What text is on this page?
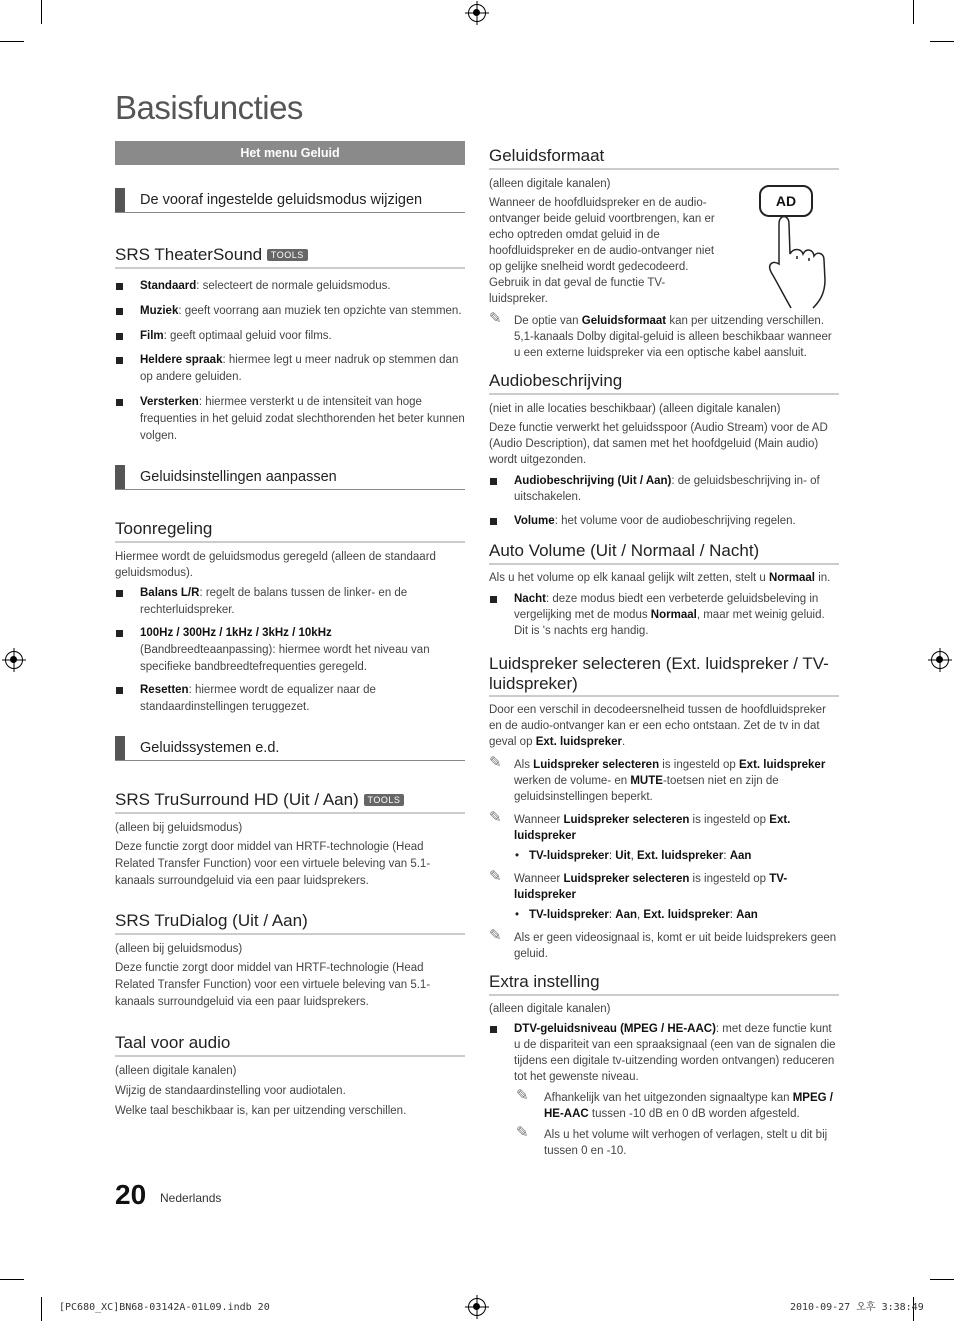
Basisfuncties
Het menu Geluid
De vooraf ingestelde geluidsmodus wijzigen
SRS TheaterSound TOOLS
Standaard: selecteert de normale geluidsmodus.
Muziek: geeft voorrang aan muziek ten opzichte van stemmen.
Film: geeft optimaal geluid voor films.
Heldere spraak: hiermee legt u meer nadruk op stemmen dan op andere geluiden.
Versterken: hiermee versterkt u de intensiteit van hoge frequenties in het geluid zodat slechthorenden het beter kunnen volgen.
Geluidsinstellingen aanpassen
Toonregeling
Hiermee wordt de geluidsmodus geregeld (alleen de standaard geluidsmodus).
Balans L/R: regelt de balans tussen de linker- en de rechterluidspreker.
100Hz / 300Hz / 1kHz / 3kHz / 10kHz (Bandbreedteaanpassing): hiermee wordt het niveau van specifieke bandbreedtefrequenties geregeld.
Resetten: hiermee wordt de equalizer naar de standaardinstellingen teruggezet.
Geluidssystemen e.d.
SRS TruSurround HD (Uit / Aan) TOOLS
(alleen bij geluidsmodus)
Deze functie zorgt door middel van HRTF-technologie (Head Related Transfer Function) voor een virtuele beleving van 5.1-kanaals surroundgeluid via een paar luidsprekers.
SRS TruDialog (Uit / Aan)
(alleen bij geluidsmodus)
Deze functie zorgt door middel van HRTF-technologie (Head Related Transfer Function) voor een virtuele beleving van 5.1-kanaals surroundgeluid via een paar luidsprekers.
Taal voor audio
(alleen digitale kanalen)
Wijzig de standaardinstelling voor audiotalen.
Welke taal beschikbaar is, kan per uitzending verschillen.
Geluidsformaat
(alleen digitale kanalen)
Wanneer de hoofdluidspreker en de audio-ontvanger beide geluid voortbrengen, kan er echo optreden omdat geluid in de hoofdluidspreker en de audio-ontvanger niet op gelijke snelheid wordt gedecodeerd. Gebruik in dat geval de functie TV-luidspreker.
AD
✎ De optie van Geluidsformaat kan per uitzending verschillen. 5,1-kanaals Dolby digital-geluid is alleen beschikbaar wanneer u een externe luidspreker via een optische kabel aansluit.
Audiobeschrijving
(niet in alle locaties beschikbaar) (alleen digitale kanalen)
Deze functie verwerkt het geluidsspoor (Audio Stream) voor de AD (Audio Description), dat samen met het hoofdgeluid (Main audio) wordt uitgezonden.
Audiobeschrijving (Uit / Aan): de geluidsbeschrijving in- of uitschakelen.
Volume: het volume voor de audiobeschrijving regelen.
Auto Volume (Uit / Normaal / Nacht)
Als u het volume op elk kanaal gelijk wilt zetten, stelt u Normaal in.
Nacht: deze modus biedt een verbeterde geluidsbeleving in vergelijking met de modus Normaal, maar met weinig geluid. Dit is 's nachts erg handig.
Luidspreker selecteren (Ext. luidspreker / TV-luidspreker)
Door een verschil in decodeersnelheid tussen de hoofdluidspreker en de audio-ontvanger kan er een echo ontstaan. Zet de tv in dat geval op Ext. luidspreker.
✎ Als Luidspreker selecteren is ingesteld op Ext. luidspreker werken de volume- en MUTE-toetsen niet en zijn de geluidsinstellingen beperkt.
✎ Wanneer Luidspreker selecteren is ingesteld op Ext. luidspreker
• TV-luidspreker: Uit, Ext. luidspreker: Aan
✎ Wanneer Luidspreker selecteren is ingesteld op TV-luidspreker
• TV-luidspreker: Aan, Ext. luidspreker: Aan
✎ Als er geen videosignaal is, komt er uit beide luidsprekers geen geluid.
Extra instelling
(alleen digitale kanalen)
DTV-geluidsniveau (MPEG / HE-AAC): met deze functie kunt u de dispariteit van een spraaksignaal (een van de signalen die tijdens een digitale tv-uitzending worden ontvangen) reduceren tot het gewenste niveau.
✎ Afhankelijk van het uitgezonden signaaltype kan MPEG / HE-AAC tussen -10 dB en 0 dB worden afgesteld.
✎ Als u het volume wilt verhogen of verlagen, stelt u dit bij tussen 0 en -10.
20 Nederlands
[PC680_XC]BN68-03142A-01L09.indb 20	2010-09-27 오후 3:38:49
